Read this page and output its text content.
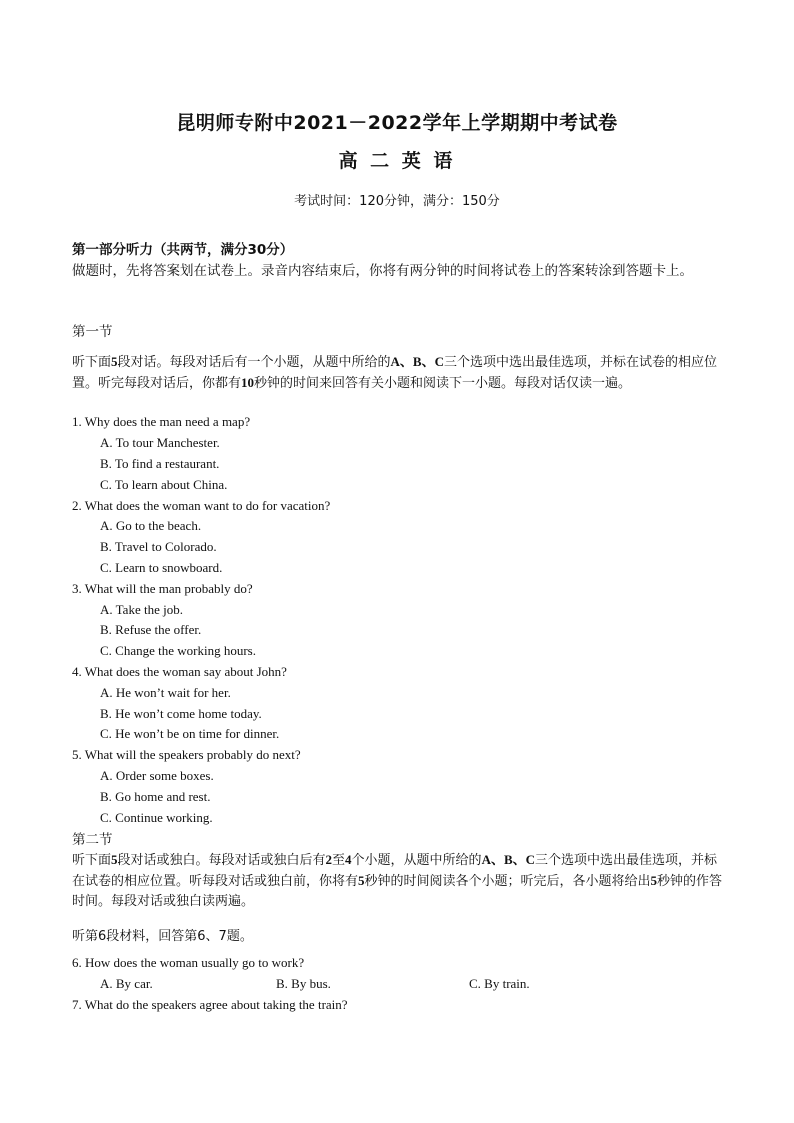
昆明师专附中2021－2022学年上学期期中考试卷
高 二 英 语
考试时间：120分钟，满分：150分
第一部分听力（共两节，满分30分）
做题时，先将答案划在试卷上。录音内容结束后，你将有两分钟的时间将试卷上的答案转涂到答题卡上。
第一节
听下面5段对话。每段对话后有一个小题，从题中所给的A、B、C三个选项中选出最佳选项，并标在试卷的相应位置。听完每段对话后，你都有10秒钟的时间来回答有关小题和阅读下一小题。每段对话仅读一遍。
1. Why does the man need a map?
A. To tour Manchester.
B. To find a restaurant.
C. To learn about China.
2. What does the woman want to do for vacation?
A. Go to the beach.
B. Travel to Colorado.
C. Learn to snowboard.
3. What will the man probably do?
A. Take the job.
B. Refuse the offer.
C. Change the working hours.
4. What does the woman say about John?
A. He won’t wait for her.
B. He won’t come home today.
C. He won’t be on time for dinner.
5. What will the speakers probably do next?
A. Order some boxes.
B. Go home and rest.
C. Continue working.
第二节
听下面5段对话或独白。每段对话或独白后有2至4个小题，从题中所给的A、B、C三个选项中选出最佳选项，并标在试卷的相应位置。听每段对话或独白前，你将有5秒钟的时间阅读各个小题；听完后，各小题将给出5秒钟的作答时间。每段对话或独白读两遍。
听第6段材料，回答第6、7题。
6. How does the woman usually go to work?
A. By car.	B. By bus.	C. By train.
7. What do the speakers agree about taking the train?
